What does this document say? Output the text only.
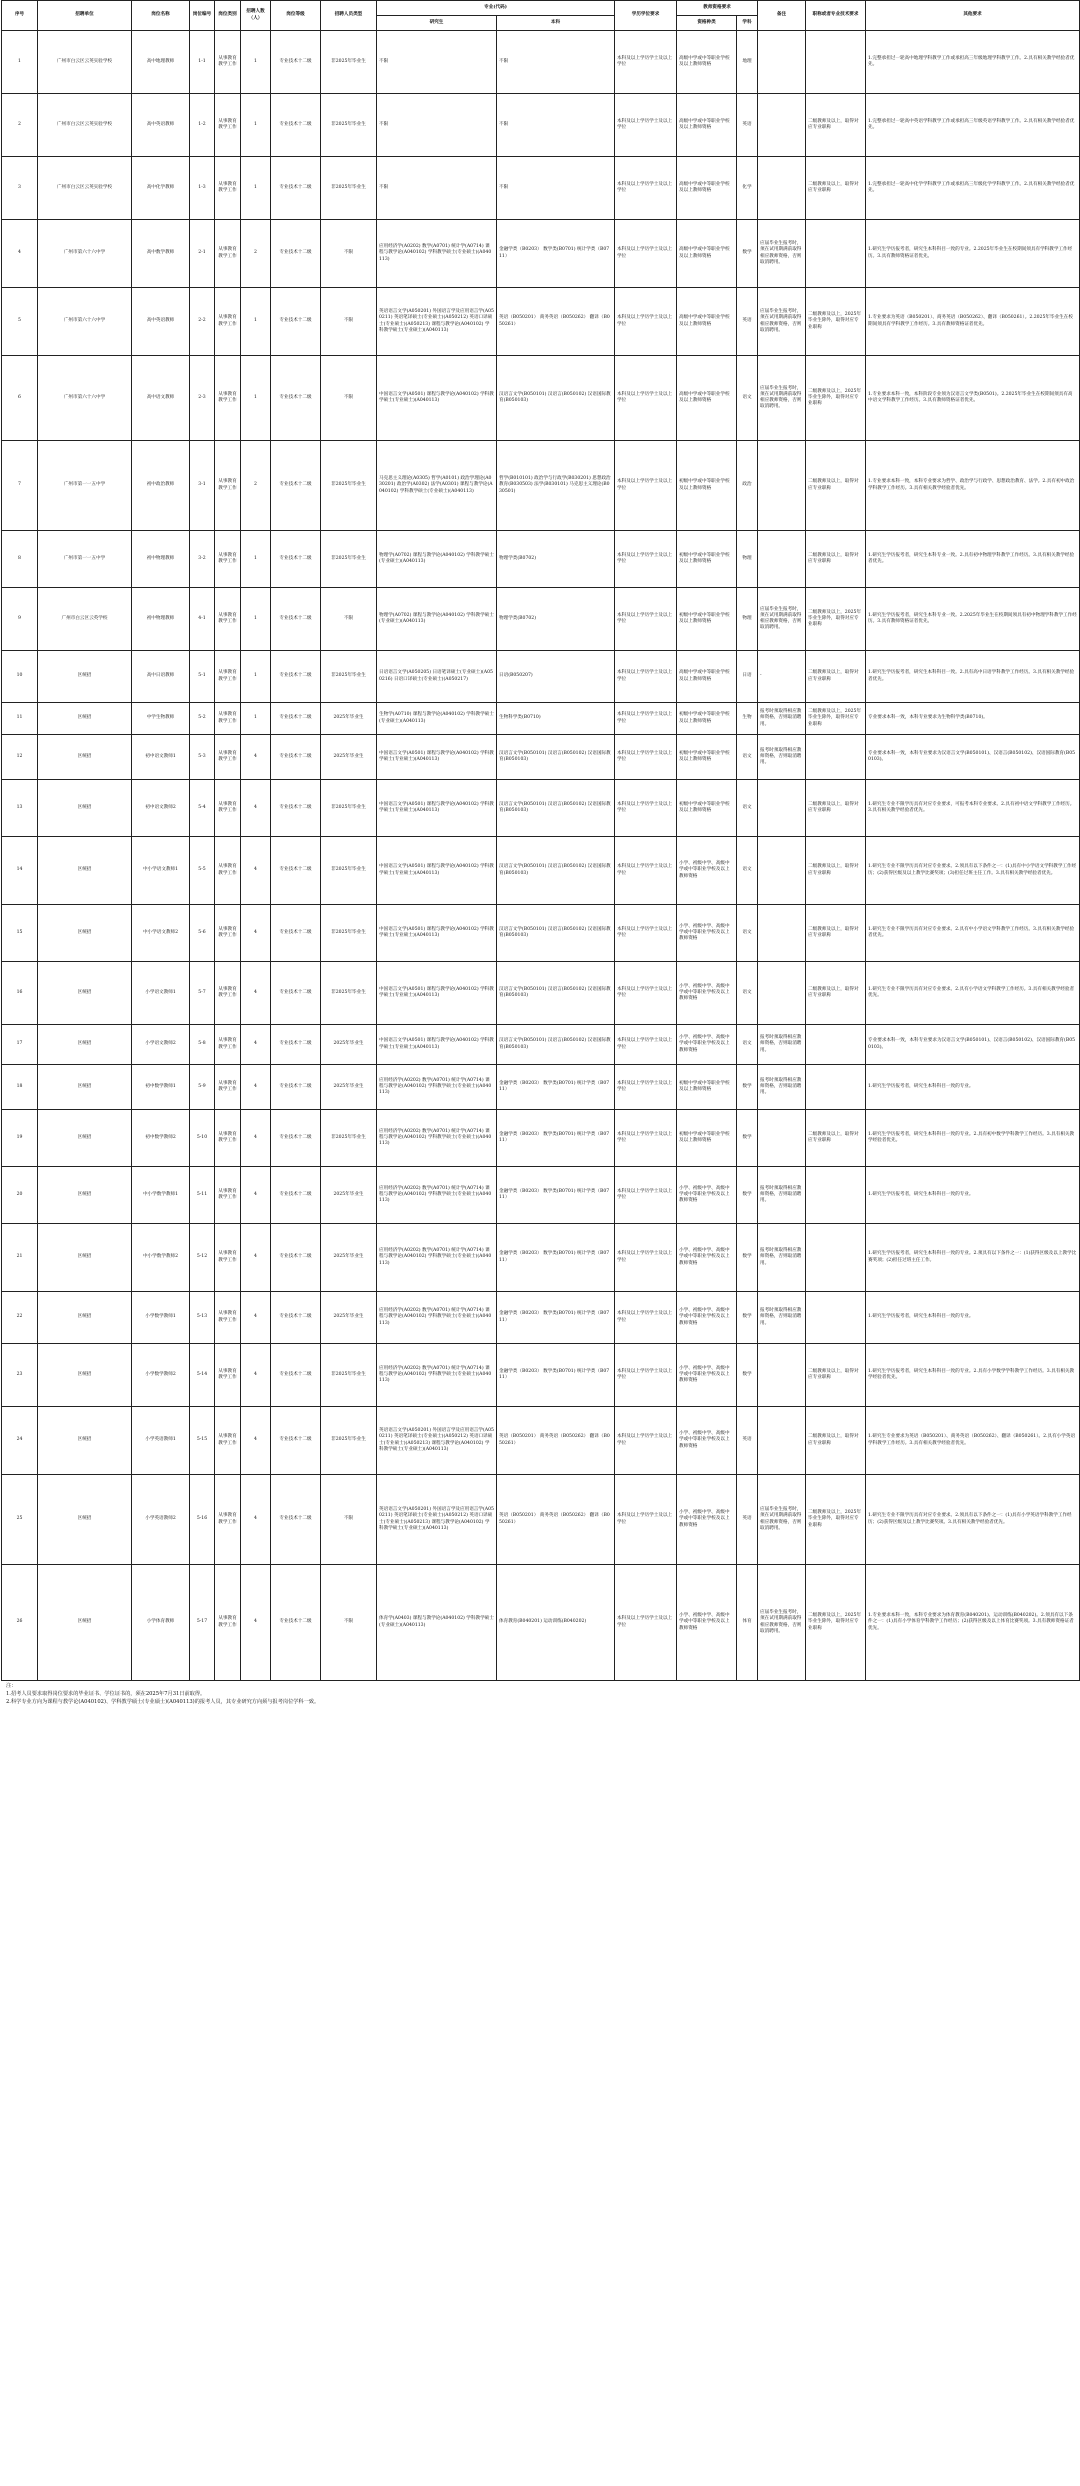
序号	招聘单位	岗位名称	岗位编号	岗位类别	招聘人数（人）	岗位等级	招聘人员类型	专业(代码)		学历学位要求	教师资格要求		备注	职称或者专业技术要求	其他要求
								研究生	本科		资格种类	学科			
1	广州市白云区云英实验学校	高中地理教师	1-1	从事教育教学工作	1	专业技术十二级	非2025年毕业生	不限	不限	本科及以上学历学士及以上学位	高级中学或中等职业学校及以上教师资格	地理			1.完整承担过一轮高中地理学科教学工作或承担高三年级地理学科教学工作。2.具有相关教学经验者优先。
2	广州市白云区云英实验学校	高中英语教师	1-2	从事教育教学工作	1	专业技术十二级	非2025年毕业生	不限	不限	本科及以上学历学士及以上学位	高级中学或中等职业学校及以上教师资格	英语		二级教师及以上，取得对应专业职称	1.完整承担过一轮高中英语学科教学工作或承担高三年级英语学科教学工作。2.具有相关教学经验者优先。
3	广州市白云区云英实验学校	高中化学教师	1-3	从事教育教学工作	1	专业技术十二级	非2025年毕业生	不限	不限	本科及以上学历学士及以上学位	高级中学或中等职业学校及以上教师资格	化学		二级教师及以上，取得对应专业职称	1.完整承担过一轮高中化学学科教学工作或承担高三年级化学学科教学工作。2.具有相关教学经验者优先。
4	广州市第六十六中学	高中数学教师	2-1	从事教育教学工作	2	专业技术十二级	不限	应用经济学(A0202) 数学(A0701) 统计学(A0714) 课程与教学论(A040102) 学科教学硕士(专业硕士)(A040113)	金融学类（B0203） 数学类(B0701) 统计学类（B0711）	本科及以上学历学士及以上学位	高级中学或中等职业学校及以上教师资格	数学	应届毕业生报考时，须在试用期满前取得相应教师资格，否则取消聘用。		1.研究生学历报考者，研究生本科科目一致的专业。2.2025年毕业生在校期间须具有学科教学工作经历。3.具有教师资格证者优先。
5	广州市第六十六中学	高中英语教师	2-2	从事教育教学工作	1	专业技术十二级	不限	英语语言文学(A050201) 外国语言学及应用语言学(A050211) 英语笔译硕士(专业硕士)(A050212) 英语口译硕士(专业硕士)(A050213) 课程与教学论(A040102) 学科教学硕士(专业硕士)(A040113)	英语（B050201） 商务英语（B050262） 翻译（B050261）	本科及以上学历学士及以上学位	高级中学或中等职业学校及以上教师资格	英语	应届毕业生报考时，须在试用期满前取得相应教师资格，否则取消聘用。	二级教师及以上，2025年毕业生除外，取得对应专业职称	1.专业要求为英语（B050201）、商务英语（B050262）、翻译（B050261）。2.2025年毕业生在校期间须具有学科教学工作经历。3.具有教师资格证者优先。
6	广州市第六十六中学	高中语文教师	2-3	从事教育教学工作	1	专业技术十二级	不限	中国语言文学(A0501) 课程与教学论(A040102) 学科教学硕士(专业硕士)(A040113)	汉语言文学(B050101) 汉语言(B050102) 汉语国际教育(B050103)	本科及以上学历学士及以上学位	高级中学或中等职业学校及以上教师资格	语文	应届毕业生报考时，须在试用期满前取得相应教师资格，否则取消聘用。	二级教师及以上，2025年毕业生除外，取得对应专业职称	1.专业要求本科一致，本科阶段专业须为汉语言文学类(B0501)。2.2025年毕业生在校期间须具有高中语文学科教学工作经历。3.具有教师资格证者优先。
7	广州市第一一五中学	初中政治教师	3-1	从事教育教学工作	2	专业技术十二级	非2025年毕业生	马克思主义理论(A0305) 哲学(A0101) 政治学理论(A030201) 政治学(A0302) 法学(A0301) 课程与教学论(A040102) 学科教学硕士(专业硕士)(A040113)	哲学(B010101) 政治学与行政学(B030201) 思想政治教育(B030503) 法学(B030101) 马克思主义理论(B030501)	本科及以上学历学士及以上学位	初级中学或中等职业学校及以上教师资格	政治		二级教师及以上，取得对应专业职称	1.专业要求本科一致，本科专业要求为哲学、政治学与行政学、思想政治教育、法学。2.具有初中政治学科教学工作经历。3.具有相关教学经验者优先。
8	广州市第一一五中学	初中物理教师	3-2	从事教育教学工作	1	专业技术十二级	非2025年毕业生	物理学(A0702) 课程与教学论(A040102) 学科教学硕士(专业硕士)(A040113)	物理学类(B0702)	本科及以上学历学士及以上学位	初级中学或中等职业学校及以上教师资格	物理		二级教师及以上，取得对应专业职称	1.研究生学历报考者，研究生本科专业一致。2.具有初中物理学科教学工作经历。3.具有相关教学经验者优先。
9	广州市白云区云英学校	初中物理教师	4-1	从事教育教学工作	1	专业技术十二级	不限	物理学(A0702) 课程与教学论(A040102) 学科教学硕士(专业硕士)(A040113)	物理学类(B0702)	本科及以上学历学士及以上学位	初级中学或中等职业学校及以上教师资格	物理	应届毕业生报考时，须在试用期满前取得相应教师资格，否则取消聘用。	二级教师及以上，2025年毕业生除外，取得对应专业职称	1.研究生学历报考者，研究生本科专业一致。2.2025年毕业生在校期间须具有初中物理学科教学工作经历。3.具有教师资格证者优先。
10	区统招	高中日语教师	5-1	从事教育教学工作	1	专业技术十二级	非2025年毕业生	日语语言文学(A050205) 日语笔译硕士(专业硕士)(A050216) 日语口译硕士(专业硕士)(A050217)	日语(B050207)	本科及以上学历学士及以上学位	高级中学或中等职业学校及以上教师资格	日语	-	二级教师及以上，取得对应专业职称	1.研究生学历报考者，研究生本科科目一致。2.具有高中日语学科教学工作经历。3.具有相关教学经验者优先。
11	区统招	中学生物教师	5-2	从事教育教学工作	1	专业技术十二级	2025年毕业生	生物学(A0710) 课程与教学论(A040102) 学科教学硕士(专业硕士)(A040113)	生物科学类(B0710)	本科及以上学历学士及以上学位	初级中学或中等职业学校及以上教师资格	生物	报考时须取得相应教师资格，否则取消聘用。	二级教师及以上，2025年毕业生除外，取得对应专业职称	专业要求本科一致，本科专业要求为生物科学类(B0710)。
12	区统招	初中语文教师1	5-3	从事教育教学工作	4	专业技术十二级	2025年毕业生	中国语言文学(A0501) 课程与教学论(A040102) 学科教学硕士(专业硕士)(A040113)	汉语言文学(B050101) 汉语言(B050102) 汉语国际教育(B050103)	本科及以上学历学士及以上学位	初级中学或中等职业学校及以上教师资格	语文	报考时须取得相应教师资格，否则取消聘用。		专业要求本科一致，本科专业要求为汉语言文学(B050101)、汉语言(B050102)、汉语国际教育(B050103)。
13	区统招	初中语文教师2	5-4	从事教育教学工作	4	专业技术十二级	非2025年毕业生	中国语言文学(A0501) 课程与教学论(A040102) 学科教学硕士(专业硕士)(A040113)	汉语言文学(B050101) 汉语言(B050102) 汉语国际教育(B050103)	本科及以上学历学士及以上学位	初级中学或中等职业学校及以上教师资格	语文		二级教师及以上，取得对应专业职称	1.研究生专业不限学历具有对应专业要求，可报考本科专业要求。2.具有初中语文学科教学工作经历。3.具有相关教学经验者优先。
14	区统招	中小学语文教师1	5-5	从事教育教学工作	4	专业技术十二级	非2025年毕业生	中国语言文学(A0501) 课程与教学论(A040102) 学科教学硕士(专业硕士)(A040113)	汉语言文学(B050101) 汉语言(B050102) 汉语国际教育(B050103)	本科及以上学历学士及以上学位	小学、初级中学、高级中学或中等职业学校及以上教师资格	语文		二级教师及以上，取得对应专业职称	1.研究生专业不限学历具有对应专业要求。2.须具有以下条件之一：(1)具有中小学语文学科教学工作经历；(2)获得区级及以上教学比赛奖项；(3)担任过班主任工作。3.具有相关教学经验者优先。
15	区统招	中小学语文教师2	5-6	从事教育教学工作	4	专业技术十二级	非2025年毕业生	中国语言文学(A0501) 课程与教学论(A040102) 学科教学硕士(专业硕士)(A040113)	汉语言文学(B050101) 汉语言(B050102) 汉语国际教育(B050103)	本科及以上学历学士及以上学位	小学、初级中学、高级中学或中等职业学校及以上教师资格	语文		二级教师及以上，取得对应专业职称	1.研究生专业不限学历具有对应专业要求。2.具有中小学语文学科教学工作经历。3.具有相关教学经验者优先。
16	区统招	小学语文教师1	5-7	从事教育教学工作	4	专业技术十二级	非2025年毕业生	中国语言文学(A0501) 课程与教学论(A040102) 学科教学硕士(专业硕士)(A040113)	汉语言文学(B050101) 汉语言(B050102) 汉语国际教育(B050103)	本科及以上学历学士及以上学位	小学、初级中学、高级中学或中等职业学校及以上教师资格	语文		二级教师及以上，取得对应专业职称	1.研究生专业不限学历具有对应专业要求。2.具有小学语文学科教学工作经历。3.具有相关教学经验者优先。
17	区统招	小学语文教师2	5-8	从事教育教学工作	4	专业技术十二级	2025年毕业生	中国语言文学(A0501) 课程与教学论(A040102) 学科教学硕士(专业硕士)(A040113)	汉语言文学(B050101) 汉语言(B050102) 汉语国际教育(B050103)	本科及以上学历学士及以上学位	小学、初级中学、高级中学或中等职业学校及以上教师资格	语文	报考时须取得相应教师资格，否则取消聘用。		专业要求本科一致，本科专业要求为汉语言文学(B050101)、汉语言(B050102)、汉语国际教育(B050103)。
18	区统招	初中数学教师1	5-9	从事教育教学工作	4	专业技术十二级	2025年毕业生	应用经济学(A0202) 数学(A0701) 统计学(A0714) 课程与教学论(A040102) 学科教学硕士(专业硕士)(A040113)	金融学类（B0203） 数学类(B0701) 统计学类（B0711）	本科及以上学历学士及以上学位	初级中学或中等职业学校及以上教师资格	数学	报考时须取得相应教师资格，否则取消聘用。		1.研究生学历报考者，研究生本科科目一致的专业。
19	区统招	初中数学教师2	5-10	从事教育教学工作	4	专业技术十二级	非2025年毕业生	应用经济学(A0202) 数学(A0701) 统计学(A0714) 课程与教学论(A040102) 学科教学硕士(专业硕士)(A040113)	金融学类（B0203） 数学类(B0701) 统计学类（B0711）	本科及以上学历学士及以上学位	初级中学或中等职业学校及以上教师资格	数学		二级教师及以上，取得对应专业职称	1.研究生学历报考者，研究生本科科目一致的专业。2.具有初中数学学科教学工作经历。3.具有相关教学经验者优先。
20	区统招	中小学数学教师1	5-11	从事教育教学工作	4	专业技术十二级	2025年毕业生	应用经济学(A0202) 数学(A0701) 统计学(A0714) 课程与教学论(A040102) 学科教学硕士(专业硕士)(A040113)	金融学类（B0203） 数学类(B0701) 统计学类（B0711）	本科及以上学历学士及以上学位	小学、初级中学、高级中学或中等职业学校及以上教师资格	数学	报考时须取得相应教师资格，否则取消聘用。		1.研究生学历报考者，研究生本科科目一致的专业。
21	区统招	中小学数学教师2	5-12	从事教育教学工作	4	专业技术十二级	2025年毕业生	应用经济学(A0202) 数学(A0701) 统计学(A0714) 课程与教学论(A040102) 学科教学硕士(专业硕士)(A040113)	金融学类（B0203） 数学类(B0701) 统计学类（B0711）	本科及以上学历学士及以上学位	小学、初级中学、高级中学或中等职业学校及以上教师资格	数学	报考时须取得相应教师资格，否则取消聘用。		1.研究生学历报考者，研究生本科科目一致的专业。2.须具有以下条件之一：(1)获得区级及以上教学比赛奖项；(2)担任过班主任工作。
22	区统招	小学数学教师1	5-13	从事教育教学工作	4	专业技术十二级	2025年毕业生	应用经济学(A0202) 数学(A0701) 统计学(A0714) 课程与教学论(A040102) 学科教学硕士(专业硕士)(A040113)	金融学类（B0203） 数学类(B0701) 统计学类（B0711）	本科及以上学历学士及以上学位	小学、初级中学、高级中学或中等职业学校及以上教师资格	数学	报考时须取得相应教师资格，否则取消聘用。		1.研究生学历报考者，研究生本科科目一致的专业。
23	区统招	小学数学教师2	5-14	从事教育教学工作	4	专业技术十二级	非2025年毕业生	应用经济学(A0202) 数学(A0701) 统计学(A0714) 课程与教学论(A040102) 学科教学硕士(专业硕士)(A040113)	金融学类（B0203） 数学类(B0701) 统计学类（B0711）	本科及以上学历学士及以上学位	小学、初级中学、高级中学或中等职业学校及以上教师资格	数学		二级教师及以上，取得对应专业职称	1.研究生学历报考者，研究生本科科目一致的专业。2.具有小学数学学科教学工作经历。3.具有相关教学经验者优先。
24	区统招	小学英语教师1	5-15	从事教育教学工作	4	专业技术十二级	非2025年毕业生	英语语言文学(A050201) 外国语言学及应用语言学(A050211) 英语笔译硕士(专业硕士)(A050212) 英语口译硕士(专业硕士)(A050213) 课程与教学论(A040102) 学科教学硕士(专业硕士)(A040113)	英语（B050201） 商务英语（B050262） 翻译（B050261）	本科及以上学历学士及以上学位	小学、初级中学、高级中学或中等职业学校及以上教师资格	英语		二级教师及以上，取得对应专业职称	1.研究生专业要求为英语（B050201）、商务英语（B050262）、翻译（B050261）。2.具有小学英语学科教学工作经历。3.具有相关教学经验者优先。
25	区统招	小学英语教师2	5-16	从事教育教学工作	4	专业技术十二级	不限	英语语言文学(A050201) 外国语言学及应用语言学(A050211) 英语笔译硕士(专业硕士)(A050212) 英语口译硕士(专业硕士)(A050213) 课程与教学论(A040102) 学科教学硕士(专业硕士)(A040113)	英语（B050201） 商务英语（B050262） 翻译（B050261）	本科及以上学历学士及以上学位	小学、初级中学、高级中学或中等职业学校及以上教师资格	英语	应届毕业生报考时，须在试用期满前取得相应教师资格，否则取消聘用。	二级教师及以上，2025年毕业生除外，取得对应专业职称	1.研究生专业不限学历具有对应专业要求。2.须具有以下条件之一：(1)具有小学英语学科教学工作经历；(2)获得区级及以上教学比赛奖项。3.具有相关教学经验者优先。
26	区统招	小学体育教师	5-17	从事教育教学工作	4	专业技术十二级	不限	体育学(A0403) 课程与教学论(A040102) 学科教学硕士(专业硕士)(A040113)	体育教育(B040201) 运动训练(B040202)	本科及以上学历学士及以上学位	小学、初级中学、高级中学或中等职业学校及以上教师资格	体育	应届毕业生报考时，须在试用期满前取得相应教师资格，否则取消聘用。	二级教师及以上，2025年毕业生除外，取得对应专业职称	1.专业要求本科一致，本科专业要求为体育教育(B040201)、运动训练(B040202)。2.须具有以下条件之一：(1)具有小学体育学科教学工作经历；(2)获得区级及以上体育比赛奖项。3.具有教师资格证者优先。
注：
1.招考人员要求取得岗位要求的毕业证书、学位证书的，须在2025年7月31日前取得。
2.科学专业方向为课程与教学论(A040102)、学科教学硕士(专业硕士)(A040113)的报考人员，其专业研究方向须与报考岗位学科一致。
